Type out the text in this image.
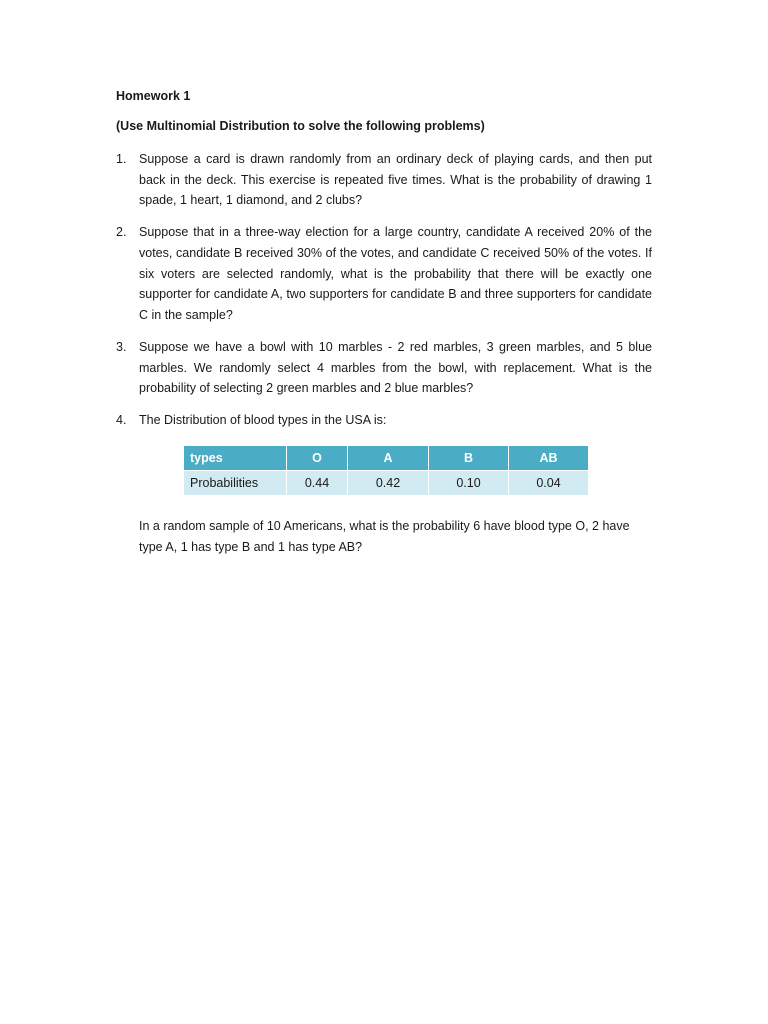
Homework 1
(Use Multinomial Distribution to solve the following problems)
1. Suppose a card is drawn randomly from an ordinary deck of playing cards, and then put back in the deck. This exercise is repeated five times. What is the probability of drawing 1 spade, 1 heart, 1 diamond, and 2 clubs?
2. Suppose that in a three-way election for a large country, candidate A received 20% of the votes, candidate B received 30% of the votes, and candidate C received 50% of the votes. If six voters are selected randomly, what is the probability that there will be exactly one supporter for candidate A, two supporters for candidate B and three supporters for candidate C in the sample?
3. Suppose we have a bowl with 10 marbles - 2 red marbles, 3 green marbles, and 5 blue marbles. We randomly select 4 marbles from the bowl, with replacement. What is the probability of selecting 2 green marbles and 2 blue marbles?
4. The Distribution of blood types in the USA is:
types	O	A	B	AB
Probabilities	0.44	0.42	0.10	0.04

In a random sample of 10 Americans, what is the probability 6 have blood type O, 2 have type A, 1 has type B and 1 has type AB?
